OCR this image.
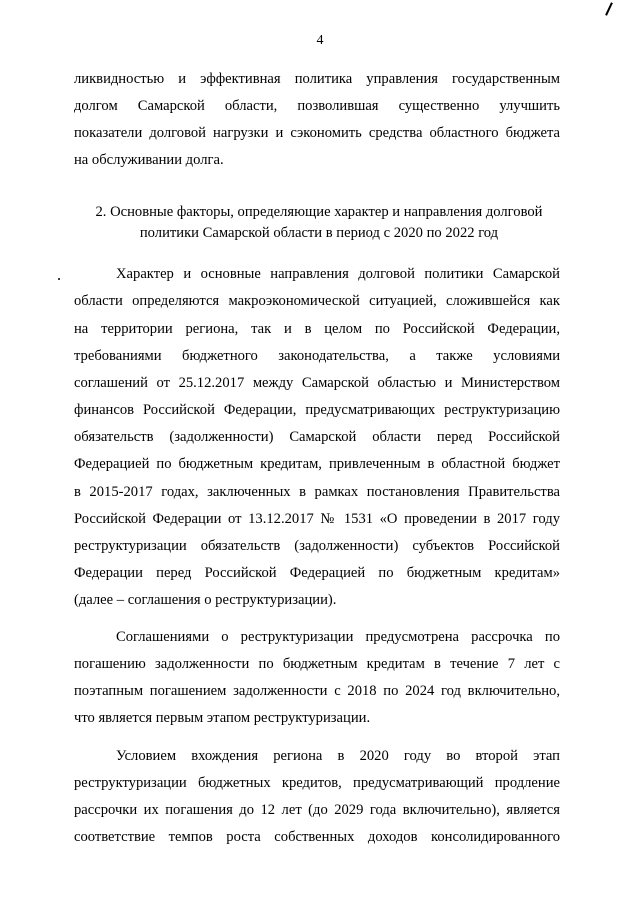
4
ликвидностью и эффективная политика управления государственным
долгом Самарской области, позволившая существенно улучшить
показатели долговой нагрузки и сэкономить средства областного бюджета
на обслуживании долга.
2. Основные факторы, определяющие характер и направления долговой
политики Самарской области в период с 2020 по 2022 год
Характер и основные направления долговой политики Самарской
области определяются макроэкономической ситуацией, сложившейся как
на территории региона, так и в целом по Российской Федерации,
требованиями бюджетного законодательства, а также условиями
соглашений от 25.12.2017 между Самарской областью и Министерством
финансов Российской Федерации, предусматривающих реструктуризацию
обязательств (задолженности) Самарской области перед Российской
Федерацией по бюджетным кредитам, привлеченным в областной бюджет
в 2015-2017 годах, заключенных в рамках постановления Правительства
Российской Федерации от 13.12.2017 № 1531 «О проведении в 2017 году
реструктуризации обязательств (задолженности) субъектов Российской
Федерации перед Российской Федерацией по бюджетным кредитам»
(далее – соглашения о реструктуризации).
Соглашениями о реструктуризации предусмотрена рассрочка по
погашению задолженности по бюджетным кредитам в течение 7 лет с
поэтапным погашением задолженности с 2018 по 2024 год включительно,
что является первым этапом реструктуризации.
Условием вхождения региона в 2020 году во второй этап
реструктуризации бюджетных кредитов, предусматривающий продление
рассрочки их погашения до 12 лет (до 2029 года включительно), является
соответствие темпов роста собственных доходов консолидированного
